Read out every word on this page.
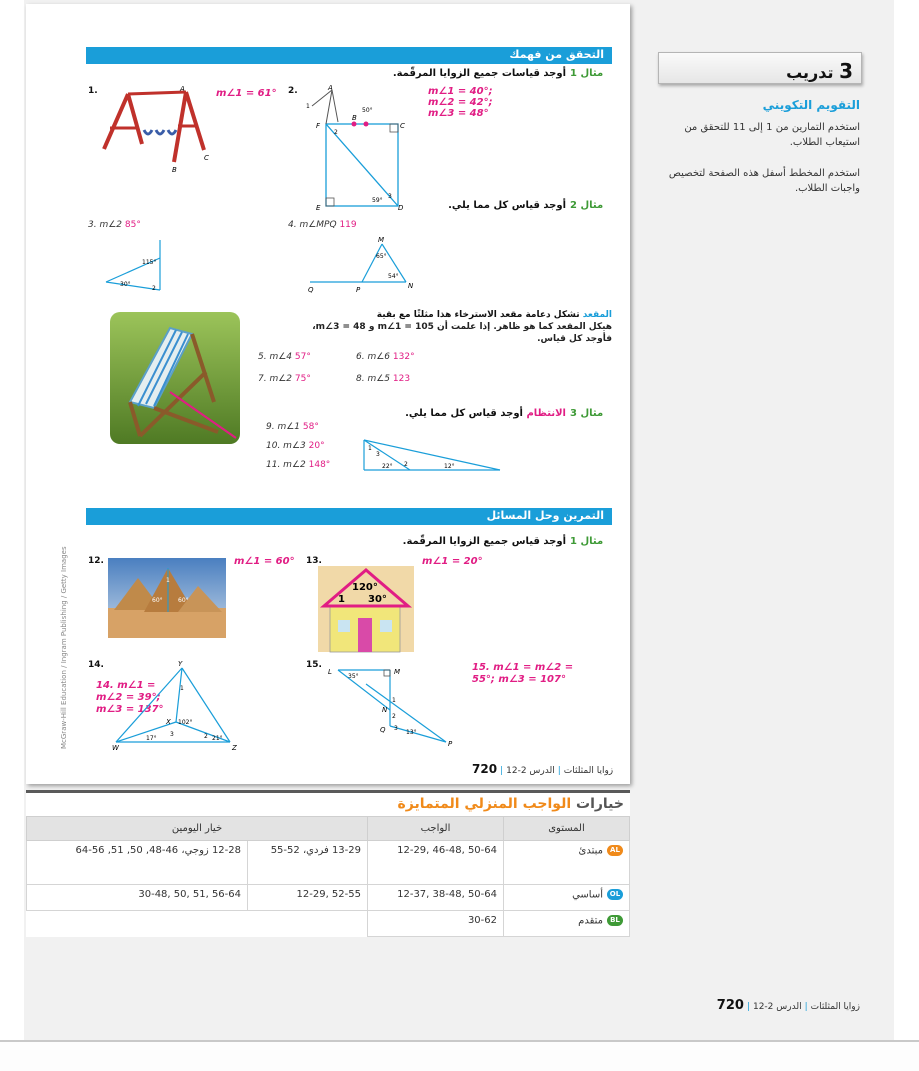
التحقق من فهمك
مثال 1
أوجد قياسات جميع الزوايا المرقّمة.
1.	A
B
C
m∠1 = 61° 2.	A
B
C
D
E
F
50°
59°
1
2
3
m∠1 = 40°;
m∠2 = 42°;
m∠3 = 48°
مثال 2
أوجد قياس كل مما يلي.
3. m∠2 85°
115°
30°
2
4. m∠MPQ 119
M
P
Q	N
65°
54°
المقعد تشكل دعامة مقعد الاسترخاء هذا مثلثًا مع بقية
هيكل المقعد كما هو ظاهر. إذا علمت أن 105 = m∠1 و 48 = m∠3،
فأوجد كل قياس.
5. m∠4 57°	6. m∠6 132°
7. m∠2 75°	8. m∠5 123
مثال 3
الانتظام أوجد قياس كل مما يلي.
9. m∠1 58°
10. m∠3 20°
11. m∠2 148°	22°	12°
1
2
3
التمرين وحل المسائل
مثال 1
أوجد قياس جميع الزوايا المرقّمة.
12.
1
60°	60°
m∠1 = 60° 13.
120°
30°
1
m∠1 = 20°
14.
14. m∠1 =
m∠2 = 39°;
m∠3 = 137°
Y
X
W	Z
102°
17°	21°
1
2
3
15.
L	M
N
Q
P
35°
13°
1
2
3
15. m∠1 = m∠2 =
55°; m∠3 = 107°
McGraw-Hill Education / Ingram Publishing / Getty Images
زوايا المثلثات|الدرس 2-12|720
3 تدريب
التقويم التكويني
استخدم التمارين من 1 إلى 11 للتحقق من استيعاب الطلاب.
استخدم المخطط أسفل هذه الصفحة لتخصيص واجبات الطلاب.
خيارات الواجب المنزلي المتمايزة
المستوى	الواجب	خيار اليومين	
ALمبتدئ	12-29, 46-48, 50-64	13-29 فردي، 52-55	12-28 زوجي، 46-48, 50, 51, 56-64
OLأساسي	12-37, 38-48, 50-64	12-29, 52-55	30-48, 50, 51, 56-64
BLمتقدم	30-62		
زوايا المثلثات|الدرس 2-12|720
